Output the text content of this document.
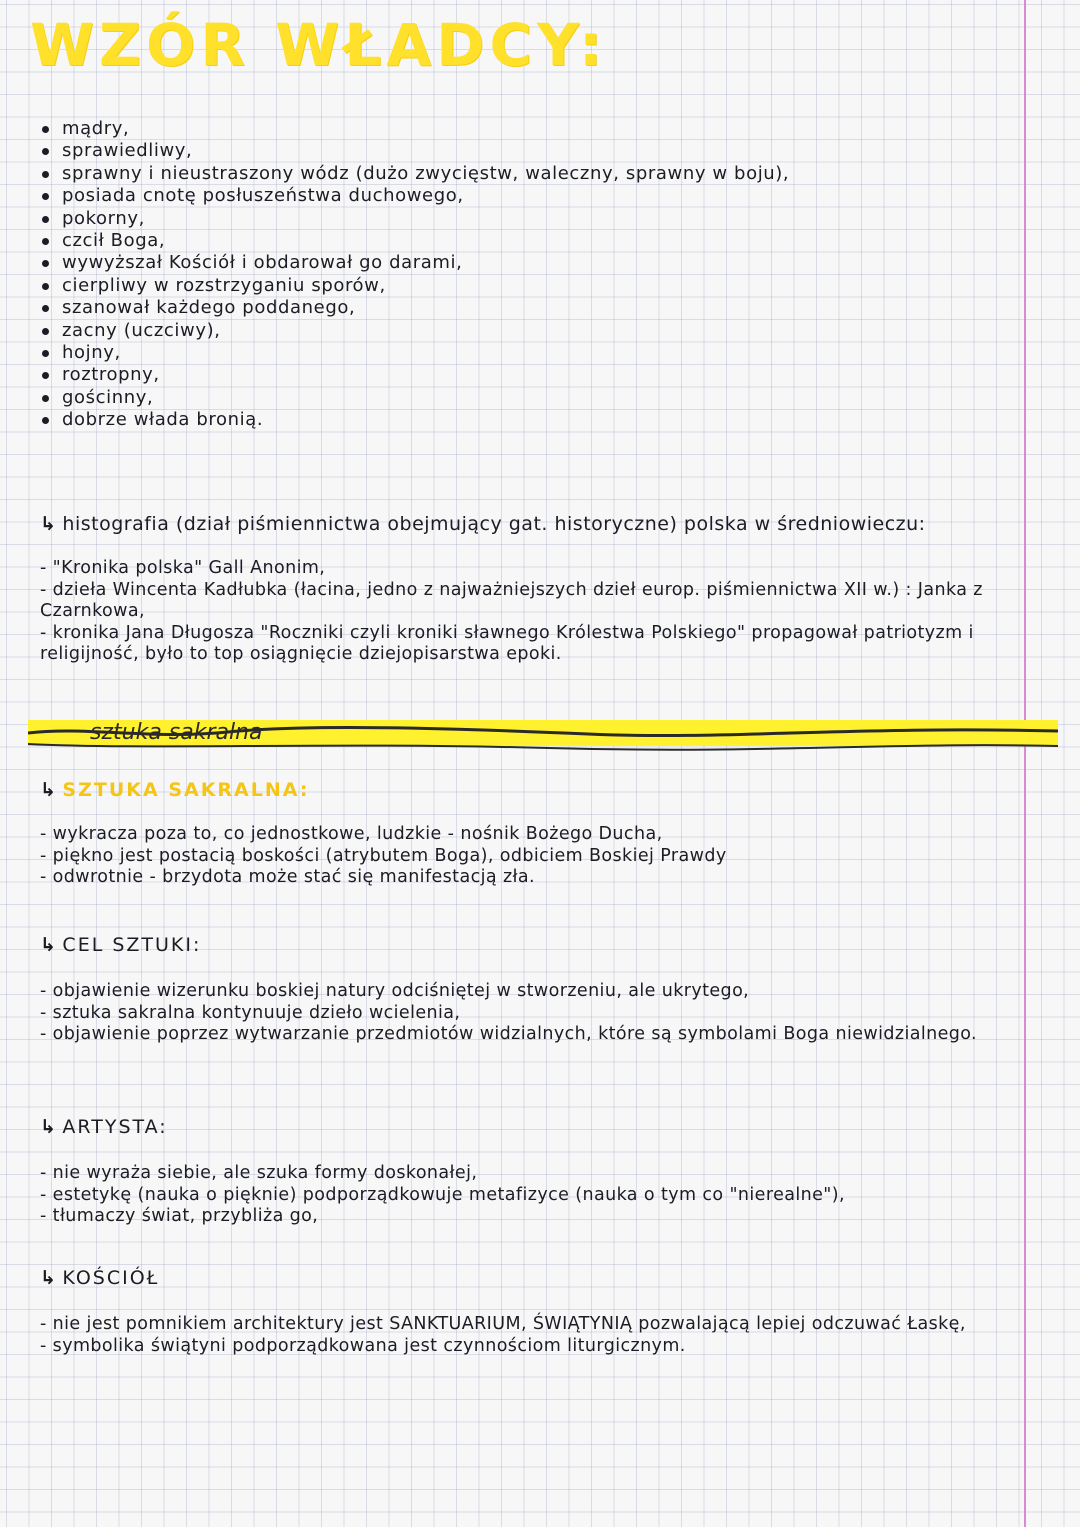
WZÓR WŁADCY:
mądry,
sprawiedliwy,
sprawny i nieustraszony wódz (dużo zwycięstw, waleczny, sprawny w boju),
posiada cnotę posłuszeństwa duchowego,
pokorny,
czcił Boga,
wywyższał Kościół i obdarował go darami,
cierpliwy w rozstrzyganiu sporów,
szanował każdego poddanego,
zacny (uczciwy),
hojny,
roztropny,
gościnny,
dobrze włada bronią.
↳ histografia (dział piśmiennictwa obejmujący gat. historyczne) polska w średniowieczu:
- "Kronika polska" Gall Anonim,
- dzieła Wincenta Kadłubka (łacina, jedno z najważniejszych dzieł europ. piśmiennictwa XII w.) : Janka z Czarnkowa,
- kronika Jana Długosza "Roczniki czyli kroniki sławnego Królestwa Polskiego" propagował patriotyzm i religijność, było to top osiągnięcie dziejopisarstwa epoki.
sztuka sakralna
↳ SZTUKA SAKRALNA:
- wykracza poza to, co jednostkowe, ludzkie - nośnik Bożego Ducha,
- piękno jest postacią boskości (atrybutem Boga), odbiciem Boskiej Prawdy
- odwrotnie - brzydota może stać się manifestacją zła.
↳ CEL SZTUKI:
- objawienie wizerunku boskiej natury odciśniętej w stworzeniu, ale ukrytego,
- sztuka sakralna kontynuuje dzieło wcielenia,
- objawienie poprzez wytwarzanie przedmiotów widzialnych, które są symbolami Boga niewidzialnego.
↳ ARTYSTA:
- nie wyraża siebie, ale szuka formy doskonałej,
- estetykę (nauka o pięknie) podporządkowuje metafizyce (nauka o tym co "nierealne"),
- tłumaczy świat, przybliża go,
↳ KOŚCIÓŁ
- nie jest pomnikiem architektury jest SANKTUARIUM, ŚWIĄTYNIĄ pozwalającą lepiej odczuwać Łaskę,
- symbolika świątyni podporządkowana jest czynnościom liturgicznym.
